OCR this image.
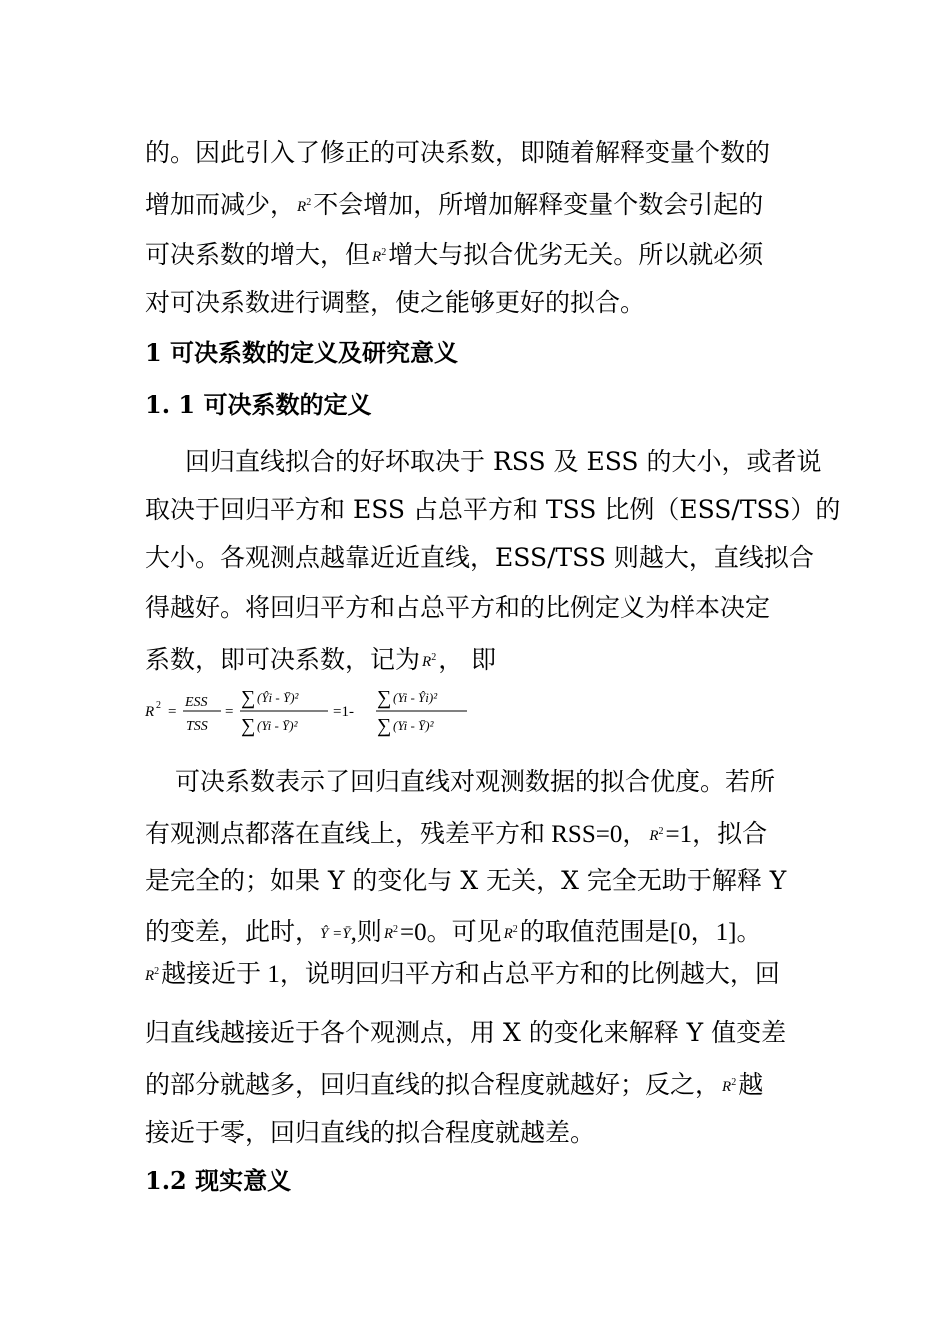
的。因此引入了修正的可决系数，即随着解释变量个数的
增加而减少， $R^2$不会增加，所增加解释变量个数会引起的
可决系数的增大，但 $R^2$增大与拟合优劣无关。所以就必须
对可决系数进行调整，使之能够更好的拟合。
1 可决系数的定义及研究意义
1. 1 可决系数的定义
回归直线拟合的好坏取决于 RSS 及 ESS 的大小，或者说
取决于回归平方和 ESS 占总平方和 TSS 比例（ESS/TSS）的
大小。各观测点越靠近近直线，ESS/TSS 则越大，直线拟合
得越好。将回归平方和占总平方和的比例定义为样本决定
系数，即可决系数，记为 $R^2$， 即
R 2 =
ESS
TSS
=
∑ (Ŷi - Ȳ)²
∑ (Yi - Ȳ)²
=1-
∑ (Yi - Ŷi)²
∑ (Yi - Ȳ)²
可决系数表示了回归直线对观测数据的拟合优度。若所
有观测点都落在直线上，残差平方和 RSS=0， $R^2=1$，拟合
是完全的；如果 Y 的变化与 X 无关，X 完全无助于解释 Y
的变差，此时，Ŷ =Ȳ,则 $R^2=0$。可见 $R^2$的取值范围是[0，1]。
$R^2$越接近于 1，说明回归平方和占总平方和的比例越大，回
归直线越接近于各个观测点，用 X 的变化来解释 Y 值变差
的部分就越多，回归直线的拟合程度就越好；反之， $R^2$越
接近于零，回归直线的拟合程度就越差。
1.2 现实意义
